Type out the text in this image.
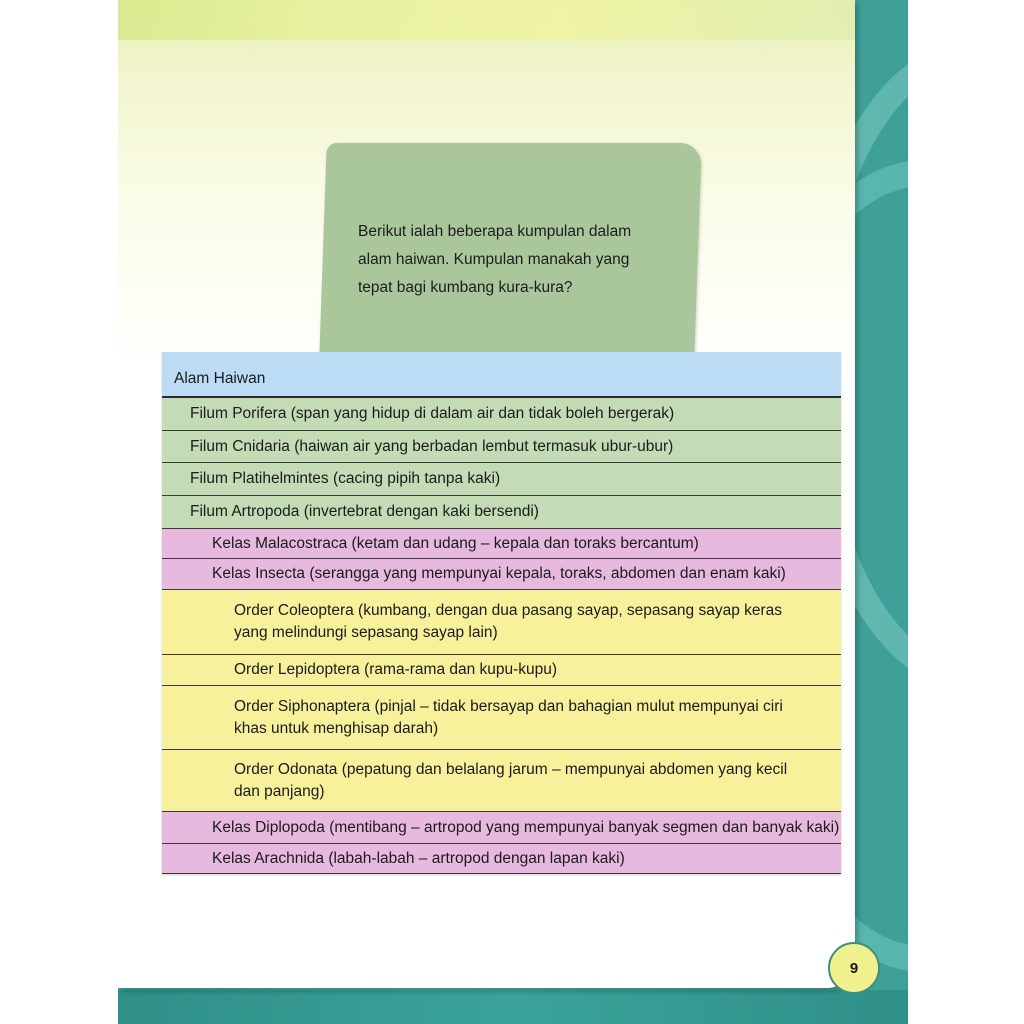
Berikut ialah beberapa kumpulan dalam
alam haiwan. Kumpulan manakah yang
tepat bagi kumbang kura-kura?
Alam Haiwan
Filum Porifera (span yang hidup di dalam air dan tidak boleh bergerak)
Filum Cnidaria (haiwan air yang berbadan lembut termasuk ubur-ubur)
Filum Platihelmintes (cacing pipih tanpa kaki)
Filum Artropoda (invertebrat dengan kaki bersendi)
Kelas Malacostraca (ketam dan udang – kepala dan toraks bercantum)
Kelas Insecta (serangga yang mempunyai kepala, toraks, abdomen dan enam kaki)
Order Coleoptera (kumbang, dengan dua pasang sayap, sepasang sayap keras yang melindungi sepasang sayap lain)
Order Lepidoptera (rama-rama dan kupu-kupu)
Order Siphonaptera (pinjal – tidak bersayap dan bahagian mulut mempunyai ciri khas untuk menghisap darah)
Order Odonata (pepatung dan belalang jarum – mempunyai abdomen yang kecil dan panjang)
Kelas Diplopoda (mentibang – artropod yang mempunyai banyak segmen dan banyak kaki)
Kelas Arachnida (labah-labah – artropod dengan lapan kaki)
9
